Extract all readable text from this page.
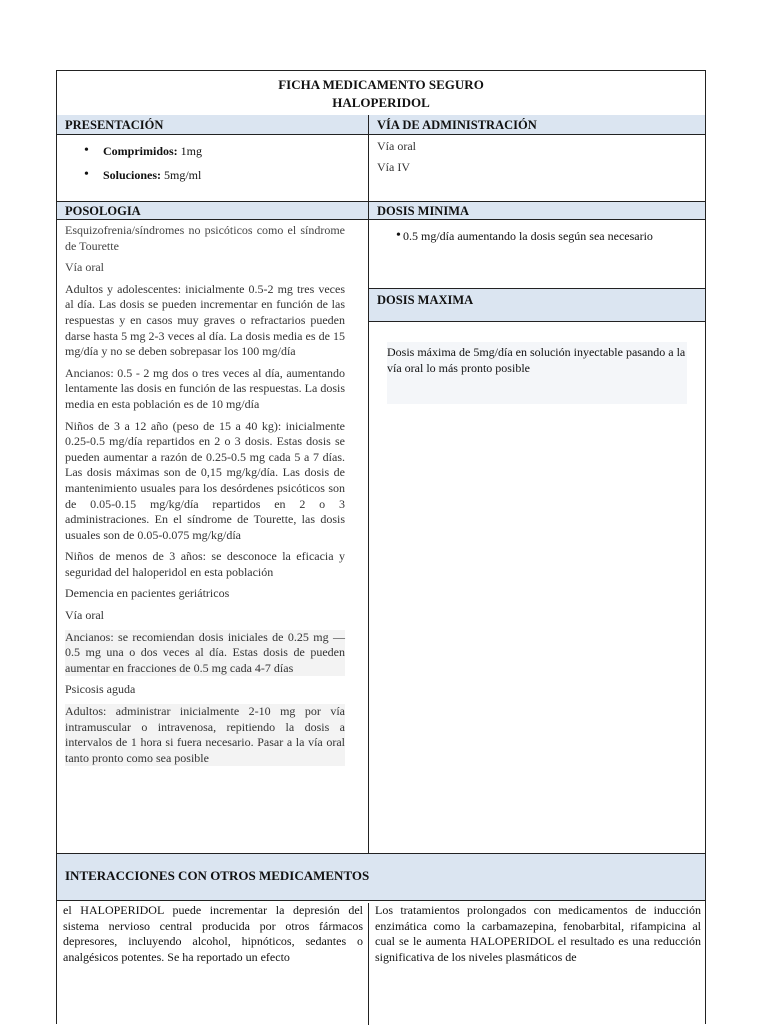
FICHA MEDICAMENTO SEGURO
HALOPERIDOL
PRESENTACIÓN
• Comprimidos: 1mg
• Soluciones: 5mg/ml
POSOLOGIA

Esquizofrenia/síndromes no psicóticos como el síndrome de Tourette

Vía oral

Adultos y adolescentes: inicialmente 0.5-2 mg tres veces al día. Las dosis se pueden incrementar en función de las respuestas y en casos muy graves o refractarios pueden darse hasta 5 mg 2-3 veces al día. La dosis media es de 15 mg/día y no se deben sobrepasar los 100 mg/día

Ancianos: 0.5 - 2 mg dos o tres veces al día, aumentando lentamente las dosis en función de las respuestas. La dosis media en esta población es de 10 mg/día

Niños de 3 a 12 año (peso de 15 a 40 kg): inicialmente 0.25-0.5 mg/día repartidos en 2 o 3 dosis. Estas dosis se pueden aumentar a razón de 0.25-0.5 mg cada 5 a 7 días. Las dosis máximas son de 0,15 mg/kg/día. Las dosis de mantenimiento usuales para los desórdenes psicóticos son de 0.05-0.15 mg/kg/día repartidos en 2 o 3 administraciones. En el síndrome de Tourette, las dosis usuales son de 0.05-0.075 mg/kg/día

Niños de menos de 3 años: se desconoce la eficacia y seguridad del haloperidol en esta población

Demencia en pacientes geriátricos

Vía oral

Ancianos: se recomiendan dosis iniciales de 0.25 mg —0.5 mg una o dos veces al día. Estas dosis de pueden aumentar en fracciones de 0.5 mg cada 4-7 días

Psicosis aguda

Adultos: administrar inicialmente 2-10 mg por vía intramuscular o intravenosa, repitiendo la dosis a intervalos de 1 hora si fuera necesario. Pasar a la vía oral tanto pronto como sea posible

VÍA DE ADMINISTRACIÓN

Vía oral

Vía IV

DOSIS MINIMA
• 0.5 mg/día aumentando la dosis según sea necesario
DOSIS MAXIMA
Dosis máxima de 5mg/día en solución inyectable pasando a la vía oral lo más pronto posible
INTERACCIONES CON OTROS MEDICAMENTOS
el HALOPERIDOL puede incrementar la depresión del sistema nervioso central producida por otros fármacos depresores, incluyendo alcohol, hipnóticos, sedantes o analgésicos potentes. Se ha reportado un efecto
Los tratamientos prolongados con medicamentos de inducción enzimática como la carbamazepina, fenobarbital, rifampicina al cual se le aumenta HALOPERIDOL el resultado es una reducción significativa de los niveles plasmáticos de
